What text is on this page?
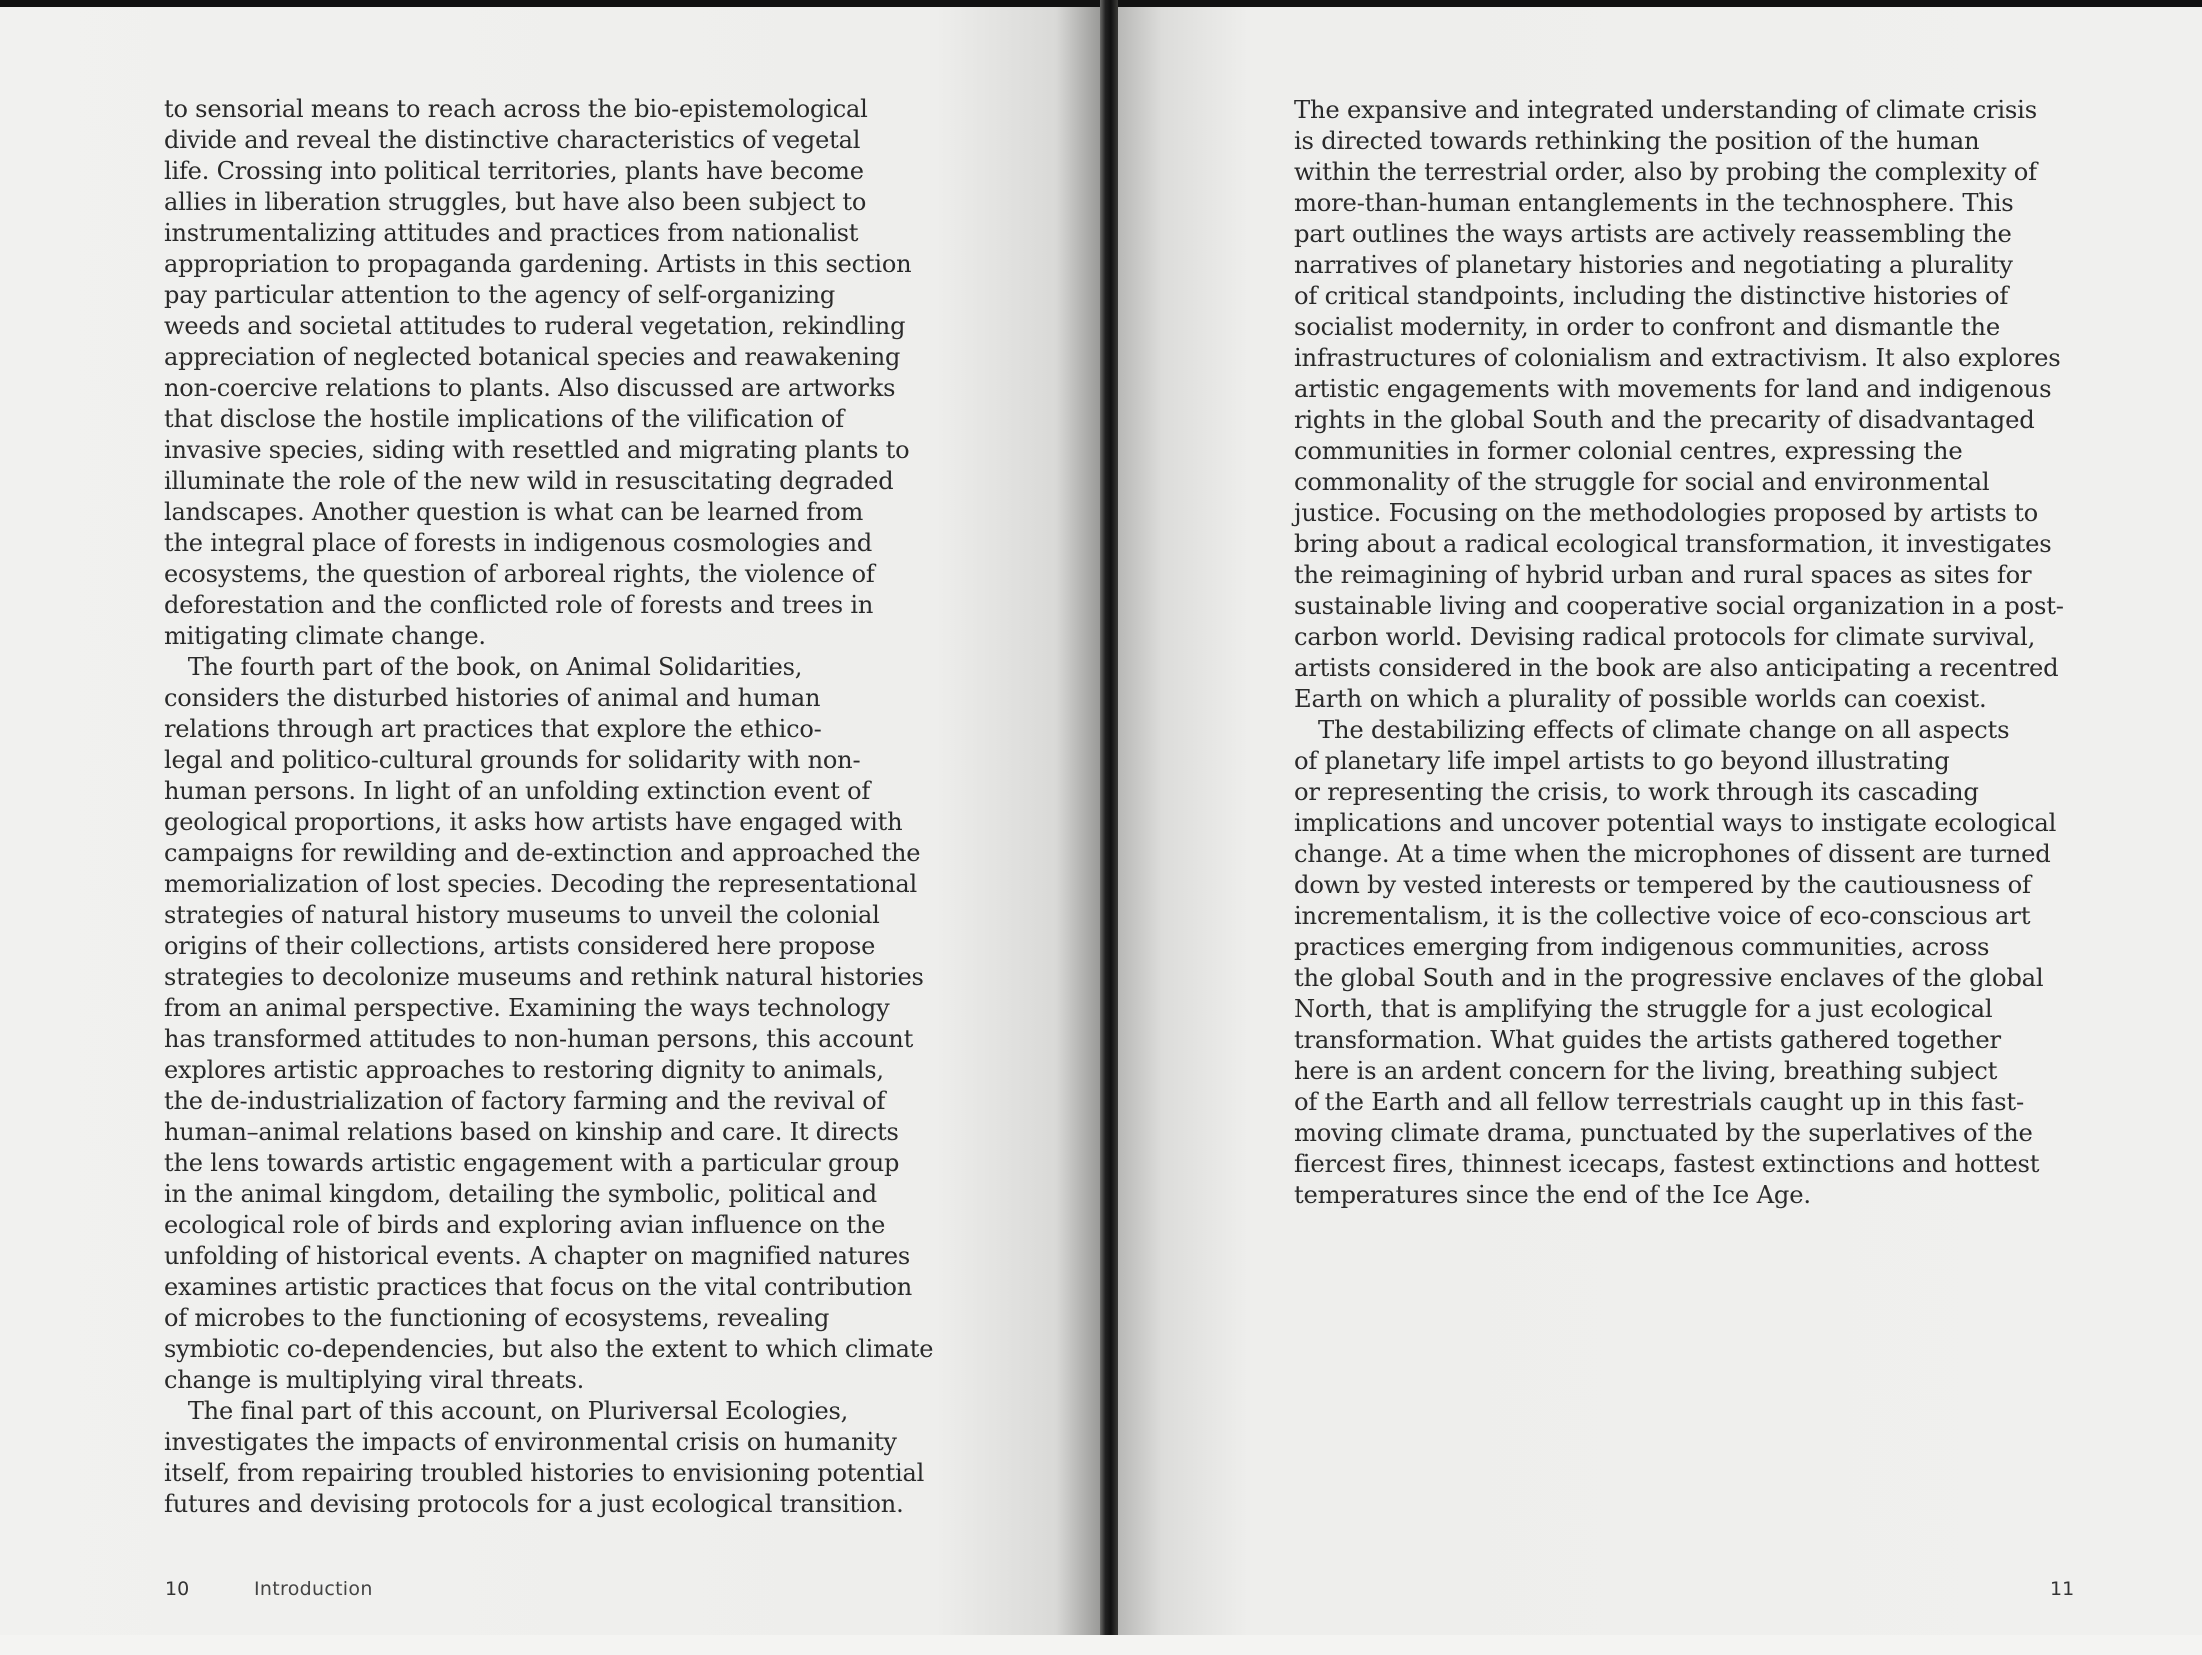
to sensorial means to reach across the bio-epistemological
divide and reveal the distinctive characteristics of vegetal
life. Crossing into political territories, plants have become
allies in liberation struggles, but have also been subject to
instrumentalizing attitudes and practices from nationalist
appropriation to propaganda gardening. Artists in this section
pay particular attention to the agency of self-organizing
weeds and societal attitudes to ruderal vegetation, rekindling
appreciation of neglected botanical species and reawakening
non-coercive relations to plants. Also discussed are artworks
that disclose the hostile implications of the vilification of
invasive species, siding with resettled and migrating plants to
illuminate the role of the new wild in resuscitating degraded
landscapes. Another question is what can be learned from
the integral place of forests in indigenous cosmologies and
ecosystems, the question of arboreal rights, the violence of
deforestation and the conflicted role of forests and trees in
mitigating climate change.
 The fourth part of the book, on Animal Solidarities,
considers the disturbed histories of animal and human
relations through art practices that explore the ethico-
legal and politico-cultural grounds for solidarity with non-
human persons. In light of an unfolding extinction event of
geological proportions, it asks how artists have engaged with
campaigns for rewilding and de-extinction and approached the
memorialization of lost species. Decoding the representational
strategies of natural history museums to unveil the colonial
origins of their collections, artists considered here propose
strategies to decolonize museums and rethink natural histories
from an animal perspective. Examining the ways technology
has transformed attitudes to non-human persons, this account
explores artistic approaches to restoring dignity to animals,
the de-industrialization of factory farming and the revival of
human–animal relations based on kinship and care. It directs
the lens towards artistic engagement with a particular group
in the animal kingdom, detailing the symbolic, political and
ecological role of birds and exploring avian influence on the
unfolding of historical events. A chapter on magnified natures
examines artistic practices that focus on the vital contribution
of microbes to the functioning of ecosystems, revealing
symbiotic co-dependencies, but also the extent to which climate
change is multiplying viral threats.
 The final part of this account, on Pluriversal Ecologies,
investigates the impacts of environmental crisis on humanity
itself, from repairing troubled histories to envisioning potential
futures and devising protocols for a just ecological transition.
The expansive and integrated understanding of climate crisis
is directed towards rethinking the position of the human
within the terrestrial order, also by probing the complexity of
more-than-human entanglements in the technosphere. This
part outlines the ways artists are actively reassembling the
narratives of planetary histories and negotiating a plurality
of critical standpoints, including the distinctive histories of
socialist modernity, in order to confront and dismantle the
infrastructures of colonialism and extractivism. It also explores
artistic engagements with movements for land and indigenous
rights in the global South and the precarity of disadvantaged
communities in former colonial centres, expressing the
commonality of the struggle for social and environmental
justice. Focusing on the methodologies proposed by artists to
bring about a radical ecological transformation, it investigates
the reimagining of hybrid urban and rural spaces as sites for
sustainable living and cooperative social organization in a post-
carbon world. Devising radical protocols for climate survival,
artists considered in the book are also anticipating a recentred
Earth on which a plurality of possible worlds can coexist.
 The destabilizing effects of climate change on all aspects
of planetary life impel artists to go beyond illustrating
or representing the crisis, to work through its cascading
implications and uncover potential ways to instigate ecological
change. At a time when the microphones of dissent are turned
down by vested interests or tempered by the cautiousness of
incrementalism, it is the collective voice of eco-conscious art
practices emerging from indigenous communities, across
the global South and in the progressive enclaves of the global
North, that is amplifying the struggle for a just ecological
transformation. What guides the artists gathered together
here is an ardent concern for the living, breathing subject
of the Earth and all fellow terrestrials caught up in this fast-
moving climate drama, punctuated by the superlatives of the
fiercest fires, thinnest icecaps, fastest extinctions and hottest
temperatures since the end of the Ice Age.
10	Introduction	11
